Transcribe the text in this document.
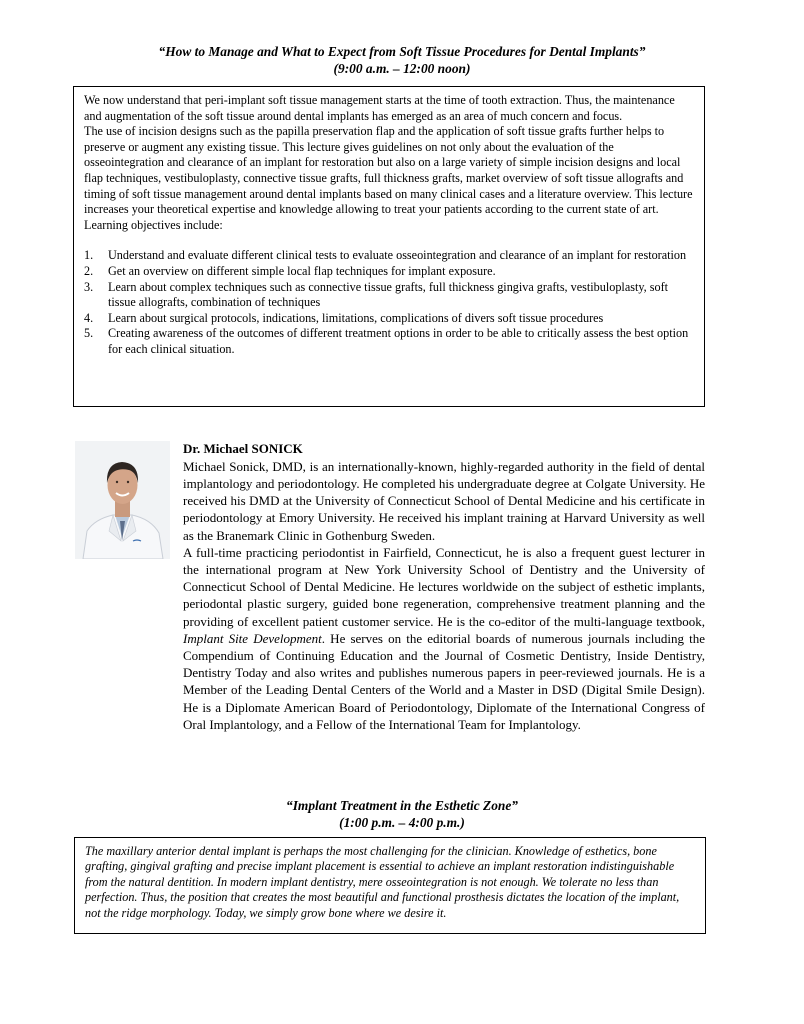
“How to Manage and What to Expect from Soft Tissue Procedures for Dental Implants”
(9:00 a.m. – 12:00 noon)

We now understand that peri-implant soft tissue management starts at the time of tooth extraction. Thus, the maintenance and augmentation of the soft tissue around dental implants has emerged as an area of much concern and focus.

The use of incision designs such as the papilla preservation flap and the application of soft tissue grafts further helps to preserve or augment any existing tissue. This lecture gives guidelines on not only about the evaluation of the osseointegration and clearance of an implant for restoration but also on a large variety of simple incision designs and local flap techniques, vestibuloplasty, connective tissue grafts, full thickness grafts, market overview of soft tissue allografts and timing of soft tissue management around dental implants based on many clinical cases and a literature overview. This lecture increases your theoretical expertise and knowledge allowing to treat your patients according to the current state of art.

Learning objectives include:

1. Understand and evaluate different clinical tests to evaluate osseointegration and clearance of an implant for restoration
2. Get an overview on different simple local flap techniques for implant exposure.
3. Learn about complex techniques such as connective tissue grafts, full thickness gingiva grafts, vestibuloplasty, soft tissue allografts, combination of techniques
4. Learn about surgical protocols, indications, limitations, complications of divers soft tissue procedures
5. Creating awareness of the outcomes of different treatment options in order to be able to critically assess the best option for each clinical situation.
Dr. Michael SONICK

Michael Sonick, DMD, is an internationally-known, highly-regarded authority in the field of dental implantology and periodontology. He completed his undergraduate degree at Colgate University. He received his DMD at the University of Connecticut School of Dental Medicine and his certificate in periodontology at Emory University. He received his implant training at Harvard University as well as the Branemark Clinic in Gothenburg Sweden.

A full-time practicing periodontist in Fairfield, Connecticut, he is also a frequent guest lecturer in the international program at New York University School of Dentistry and the University of Connecticut School of Dental Medicine. He lectures worldwide on the subject of esthetic implants, periodontal plastic surgery, guided bone regeneration, comprehensive treatment planning and the providing of excellent patient customer service. He is the co-editor of the multi-language textbook, Implant Site Development. He serves on the editorial boards of numerous journals including the Compendium of Continuing Education and the Journal of Cosmetic Dentistry, Inside Dentistry, Dentistry Today and also writes and publishes numerous papers in peer-reviewed journals. He is a Member of the Leading Dental Centers of the World and a Master in DSD (Digital Smile Design). He is a Diplomate American Board of Periodontology, Diplomate of the International Congress of Oral Implantology, and a Fellow of the International Team for Implantology.

“Implant Treatment in the Esthetic Zone”
(1:00 p.m. – 4:00 p.m.)

The maxillary anterior dental implant is perhaps the most challenging for the clinician. Knowledge of esthetics, bone grafting, gingival grafting and precise implant placement is essential to achieve an implant restoration indistinguishable from the natural dentition. In modern implant dentistry, mere osseointegration is not enough. We tolerate no less than perfection. Thus, the position that creates the most beautiful and functional prosthesis dictates the location of the implant, not the ridge morphology. Today, we simply grow bone where we desire it.
